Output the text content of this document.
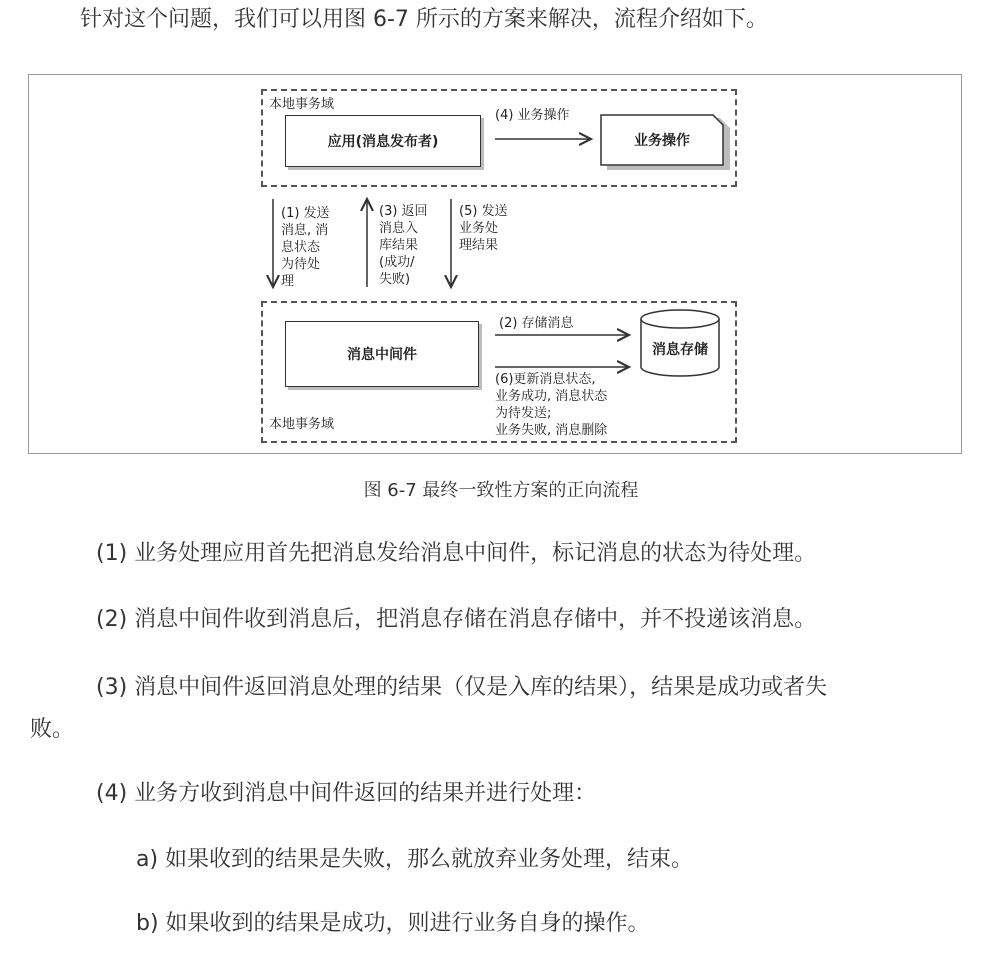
针对这个问题，我们可以用图 6-7 所示的方案来解决，流程介绍如下。
本地事务域
应用(消息发布者)	业务操作
(4) 业务操作
(1) 发送
消息, 消
息状态
为待处
理
(3) 返回
消息入
库结果
(成功/
失败)
(5) 发送
业务处
理结果
消息中间件	消息存储
(2) 存储消息
(6)更新消息状态,
业务成功, 消息状态
为待发送;
业务失败, 消息删除
本地事务域
图 6-7 最终一致性方案的正向流程
(1) 业务处理应用首先把消息发给消息中间件，标记消息的状态为待处理。
(2) 消息中间件收到消息后，把消息存储在消息存储中，并不投递该消息。
(3) 消息中间件返回消息处理的结果（仅是入库的结果），结果是成功或者失
败。
(4) 业务方收到消息中间件返回的结果并进行处理：
a) 如果收到的结果是失败，那么就放弃业务处理，结束。
b) 如果收到的结果是成功，则进行业务自身的操作。
